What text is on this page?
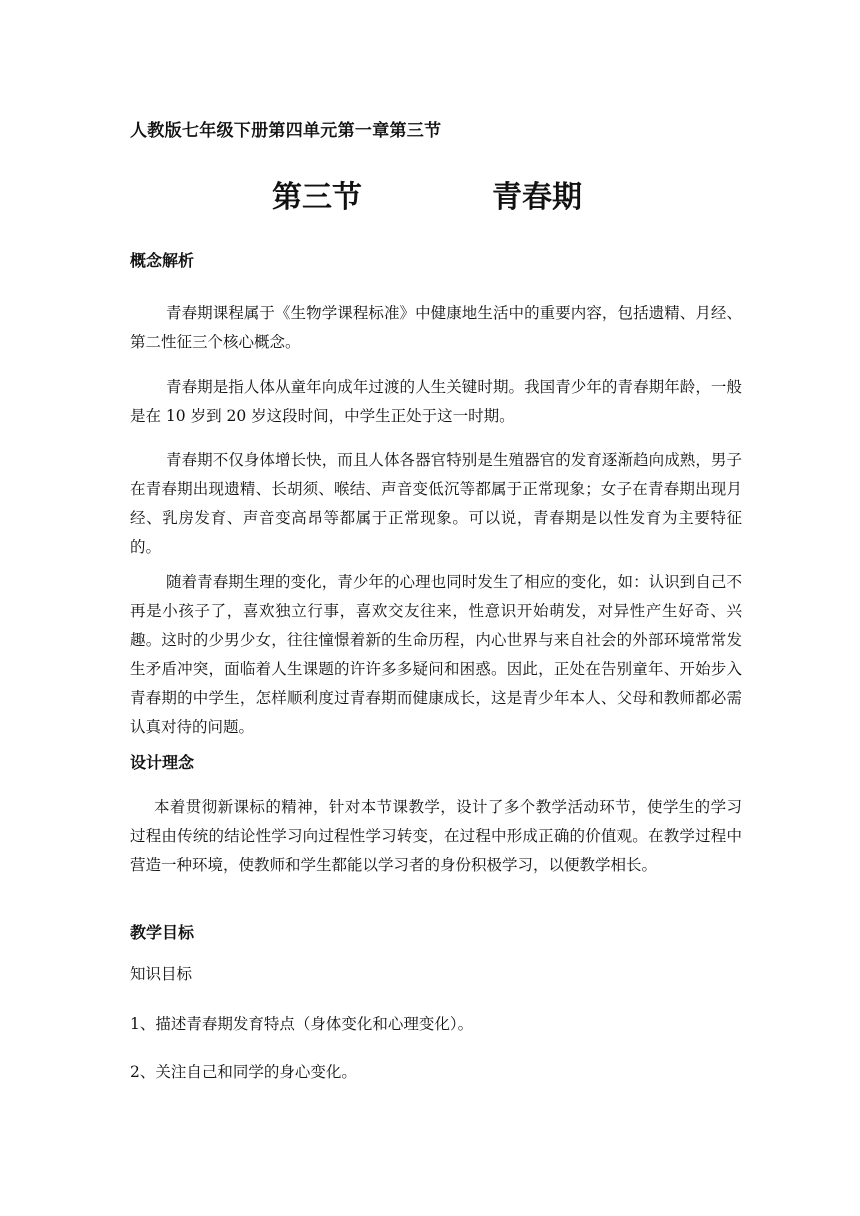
人教版七年级下册第四单元第一章第三节
第三节	青春期
概念解析
青春期课程属于《生物学课程标准》中健康地生活中的重要内容，包括遗精、月经、第二性征三个核心概念。
青春期是指人体从童年向成年过渡的人生关键时期。我国青少年的青春期年龄，一般是在 10 岁到 20 岁这段时间，中学生正处于这一时期。
青春期不仅身体增长快，而且人体各器官特别是生殖器官的发育逐渐趋向成熟，男子在青春期出现遗精、长胡须、喉结、声音变低沉等都属于正常现象；女子在青春期出现月经、乳房发育、声音变高昂等都属于正常现象。可以说，青春期是以性发育为主要特征的。
随着青春期生理的变化，青少年的心理也同时发生了相应的变化，如：认识到自己不再是小孩子了，喜欢独立行事，喜欢交友往来，性意识开始萌发，对异性产生好奇、兴趣。这时的少男少女，往往憧憬着新的生命历程，内心世界与来自社会的外部环境常常发生矛盾冲突，面临着人生课题的许许多多疑问和困惑。因此，正处在告别童年、开始步入青春期的中学生，怎样顺利度过青春期而健康成长，这是青少年本人、父母和教师都必需认真对待的问题。
设计理念
本着贯彻新课标的精神，针对本节课教学，设计了多个教学活动环节，使学生的学习过程由传统的结论性学习向过程性学习转变，在过程中形成正确的价值观。在教学过程中营造一种环境，使教师和学生都能以学习者的身份积极学习，以便教学相长。
教学目标
知识目标
1、描述青春期发育特点（身体变化和心理变化）。
2、关注自己和同学的身心变化。
